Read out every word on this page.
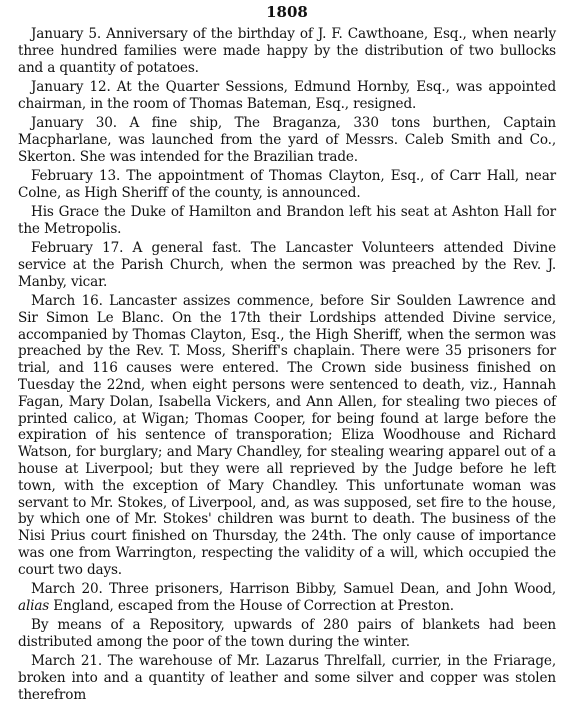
1808

January 5. Anniversary of the birthday of J. F. Cawthoane, Esq., when nearly three hundred families were made happy by the distribution of two bullocks and a quantity of potatoes.

January 12. At the Quarter Sessions, Edmund Hornby, Esq., was appointed chairman, in the room of Thomas Bateman, Esq., resigned.

January 30. A fine ship, The Braganza, 330 tons burthen, Captain Macpharlane, was launched from the yard of Messrs. Caleb Smith and Co., Skerton. She was intended for the Brazilian trade.

February 13. The appointment of Thomas Clayton, Esq., of Carr Hall, near Colne, as High Sheriff of the county, is announced.

His Grace the Duke of Hamilton and Brandon left his seat at Ashton Hall for the Metropolis.

February 17. A general fast. The Lancaster Volunteers attended Divine service at the Parish Church, when the sermon was preached by the Rev. J. Manby, vicar.

March 16. Lancaster assizes commence, before Sir Soulden Lawrence and Sir Simon Le Blanc. On the 17th their Lordships attended Divine service, accompanied by Thomas Clayton, Esq., the High Sheriff, when the sermon was preached by the Rev. T. Moss, Sheriff's chaplain. There were 35 prisoners for trial, and 116 causes were entered. The Crown side business finished on Tuesday the 22nd, when eight persons were sentenced to death, viz., Hannah Fagan, Mary Dolan, Isabella Vickers, and Ann Allen, for stealing two pieces of printed calico, at Wigan; Thomas Cooper, for being found at large before the expiration of his sentence of transporation; Eliza Woodhouse and Richard Watson, for burglary; and Mary Chandley, for stealing wearing apparel out of a house at Liverpool; but they were all reprieved by the Judge before he left town, with the exception of Mary Chandley. This unfortunate woman was servant to Mr. Stokes, of Liverpool, and, as was supposed, set fire to the house, by which one of Mr. Stokes' children was burnt to death. The business of the Nisi Prius court finished on Thursday, the 24th. The only cause of importance was one from Warrington, respecting the validity of a will, which occupied the court two days.

March 20. Three prisoners, Harrison Bibby, Samuel Dean, and John Wood, alias England, escaped from the House of Correction at Preston.

By means of a Repository, upwards of 280 pairs of blankets had been distributed among the poor of the town during the winter.

March 21. The warehouse of Mr. Lazarus Threlfall, currier, in the Friarage, broken into and a quantity of leather and some silver and copper was stolen therefrom
